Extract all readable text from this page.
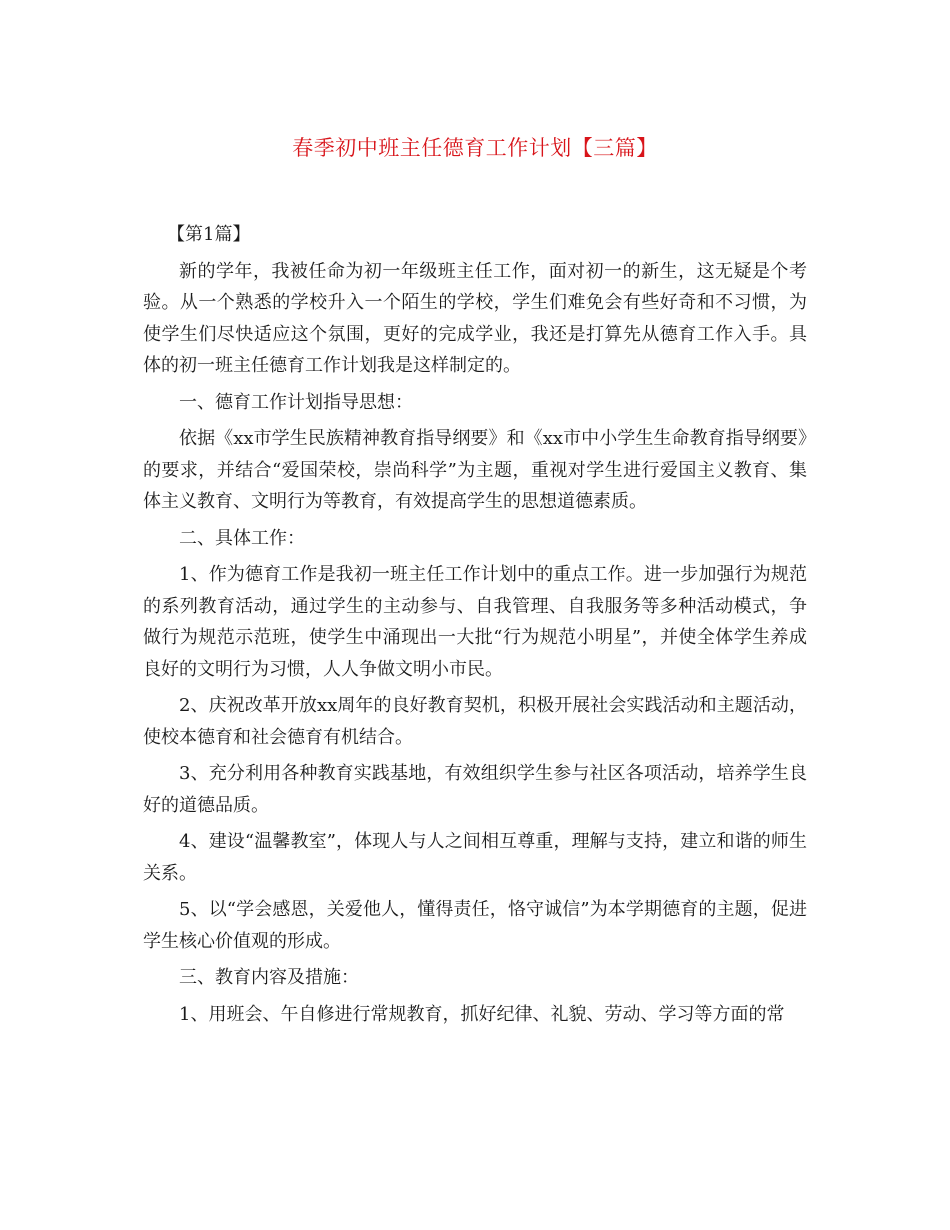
春季初中班主任德育工作计划【三篇】

【第1篇】

新的学年，我被任命为初一年级班主任工作，面对初一的新生，这无疑是个考验。从一个熟悉的学校升入一个陌生的学校，学生们难免会有些好奇和不习惯，为使学生们尽快适应这个氛围，更好的完成学业，我还是打算先从德育工作入手。具体的初一班主任德育工作计划我是这样制定的。

一、德育工作计划指导思想：

依据《xx市学生民族精神教育指导纲要》和《xx市中小学生生命教育指导纲要》的要求，并结合“爱国荣校，崇尚科学”为主题，重视对学生进行爱国主义教育、集体主义教育、文明行为等教育，有效提高学生的思想道德素质。

二、具体工作：

1、作为德育工作是我初一班主任工作计划中的重点工作。进一步加强行为规范的系列教育活动，通过学生的主动参与、自我管理、自我服务等多种活动模式，争做行为规范示范班，使学生中涌现出一大批“行为规范小明星”，并使全体学生养成良好的文明行为习惯，人人争做文明小市民。

2、庆祝改革开放xx周年的良好教育契机，积极开展社会实践活动和主题活动，使校本德育和社会德育有机结合。

3、充分利用各种教育实践基地，有效组织学生参与社区各项活动，培养学生良好的道德品质。

4、建设“温馨教室”，体现人与人之间相互尊重，理解与支持，建立和谐的师生关系。

5、以“学会感恩，关爱他人，懂得责任，恪守诚信”为本学期德育的主题，促进学生核心价值观的形成。

三、教育内容及措施：

1、用班会、午自修进行常规教育，抓好纪律、礼貌、劳动、学习等方面的常
